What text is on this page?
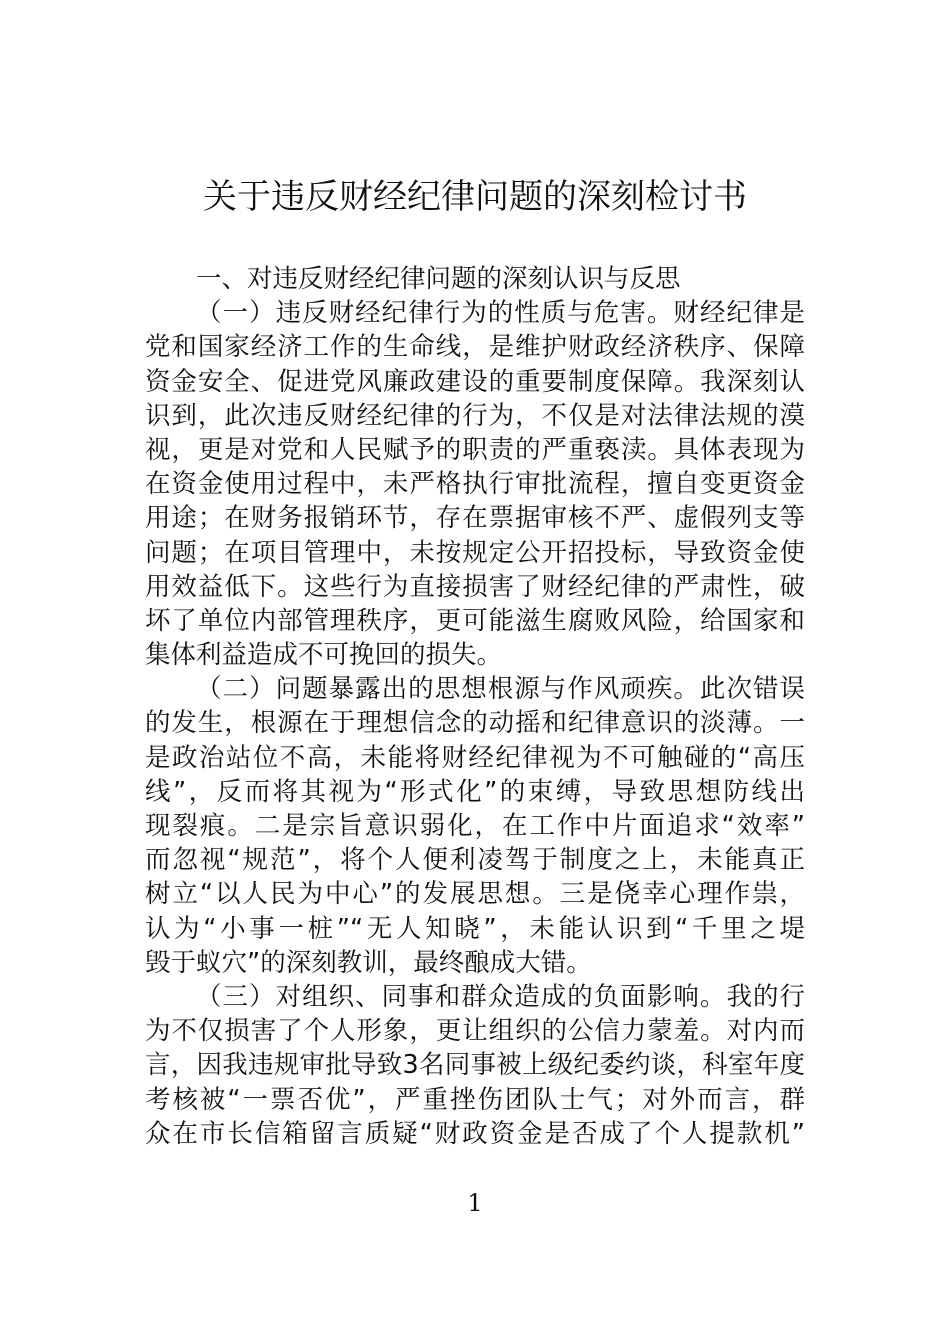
关于违反财经纪律问题的深刻检讨书
一、对违反财经纪律问题的深刻认识与反思
（一）违反财经纪律行为的性质与危害。财经纪律是
党和国家经济工作的生命线，是维护财政经济秩序、保障
资金安全、促进党风廉政建设的重要制度保障。我深刻认
识到，此次违反财经纪律的行为，不仅是对法律法规的漠
视，更是对党和人民赋予的职责的严重亵渎。具体表现为
在资金使用过程中，未严格执行审批流程，擅自变更资金
用途；在财务报销环节，存在票据审核不严、虚假列支等
问题；在项目管理中，未按规定公开招投标，导致资金使
用效益低下。这些行为直接损害了财经纪律的严肃性，破
坏了单位内部管理秩序，更可能滋生腐败风险，给国家和
集体利益造成不可挽回的损失。
（二）问题暴露出的思想根源与作风顽疾。此次错误
的发生，根源在于理想信念的动摇和纪律意识的淡薄。一
是政治站位不高，未能将财经纪律视为不可触碰的“高压
线”，反而将其视为“形式化”的束缚，导致思想防线出
现裂痕。二是宗旨意识弱化，在工作中片面追求“效率”
而忽视“规范”，将个人便利凌驾于制度之上，未能真正
树立“以人民为中心”的发展思想。三是侥幸心理作祟，
认为“小事一桩”“无人知晓”，未能认识到“千里之堤
毁于蚁穴”的深刻教训，最终酿成大错。
（三）对组织、同事和群众造成的负面影响。我的行
为不仅损害了个人形象，更让组织的公信力蒙羞。对内而
言，因我违规审批导致3名同事被上级纪委约谈，科室年度
考核被“一票否优”，严重挫伤团队士气；对外而言，群
众在市长信箱留言质疑“财政资金是否成了个人提款机”
1
